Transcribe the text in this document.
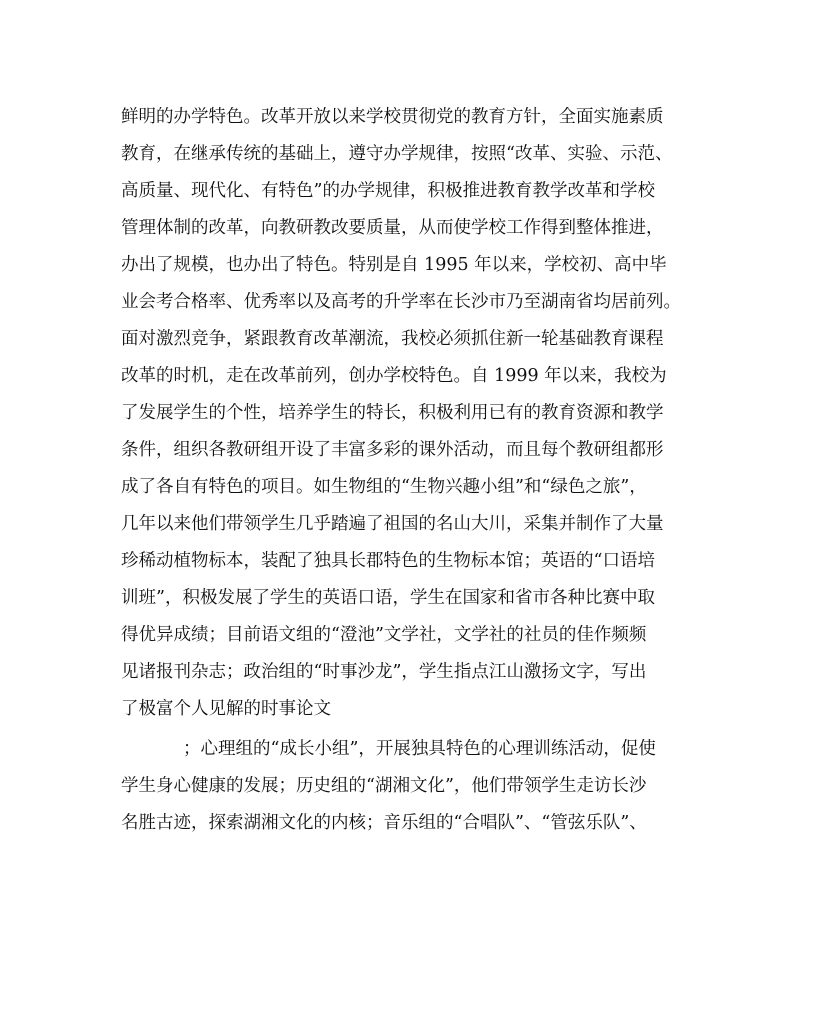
鲜明的办学特色。改革开放以来学校贯彻党的教育方针，全面实施素质
教育，在继承传统的基础上，遵守办学规律，按照“改革、实验、示范、
高质量、现代化、有特色”的办学规律，积极推进教育教学改革和学校
管理体制的改革，向教研教改要质量，从而使学校工作得到整体推进，
办出了规模，也办出了特色。特别是自 1995 年以来，学校初、高中毕
业会考合格率、优秀率以及高考的升学率在长沙市乃至湖南省均居前列。
面对激烈竞争，紧跟教育改革潮流，我校必须抓住新一轮基础教育课程
改革的时机，走在改革前列，创办学校特色。自 1999 年以来，我校为
了发展学生的个性，培养学生的特长，积极利用已有的教育资源和教学
条件，组织各教研组开设了丰富多彩的课外活动，而且每个教研组都形
成了各自有特色的项目。如生物组的“生物兴趣小组”和“绿色之旅”，
几年以来他们带领学生几乎踏遍了祖国的名山大川，采集并制作了大量
珍稀动植物标本，装配了独具长郡特色的生物标本馆；英语的“口语培
训班”，积极发展了学生的英语口语，学生在国家和省市各种比赛中取
得优异成绩；目前语文组的“澄池”文学社，文学社的社员的佳作频频
见诸报刊杂志；政治组的“时事沙龙”，学生指点江山激扬文字，写出
了极富个人见解的时事论文
；心理组的“成长小组”，开展独具特色的心理训练活动，促使
学生身心健康的发展；历史组的“湖湘文化”，他们带领学生走访长沙
名胜古迹，探索湖湘文化的内核；音乐组的“合唱队”、“管弦乐队”、
